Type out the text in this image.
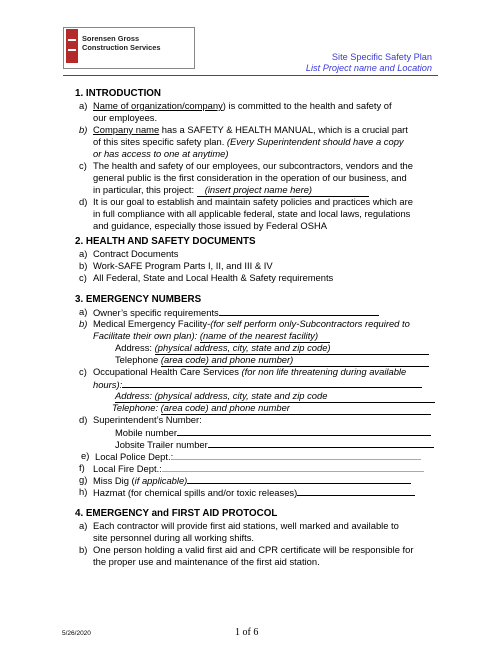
Sorensen Gross
Construction Services
Site Specific Safety Plan
List Project name and Location
1. INTRODUCTION
a) Name of organization/company) is committed to the health and safety of
our employees.
b) Company name has a SAFETY & HEALTH MANUAL, which is a crucial part
of this sites specific safety plan. (Every Superintendent should have a copy
or has access to one at anytime)
c) The health and safety of our employees, our subcontractors, vendors and the
general public is the first consideration in the operation of our business, and
in particular, this project: (insert project name here)
d) It is our goal to establish and maintain safety policies and practices which are
in full compliance with all applicable federal, state and local laws, regulations
and guidance, especially those issued by Federal OSHA
2. HEALTH AND SAFETY DOCUMENTS
a) Contract Documents
b) Work-SAFE Program Parts I, II, and III & IV
c) All Federal, State and Local Health & Safety requirements
3. EMERGENCY NUMBERS
a) Owner’s specific requirements
b) Medical Emergency Facility-(for self perform only-Subcontractors required to
Facilitate their own plan): (name of the nearest facility)
Address: (physical address, city, state and zip code)
Telephone (area code) and phone number)
c) Occupational Health Care Services (for non life threatening during available
hours):
Address: (physical address, city, state and zip code
Telephone: (area code) and phone number
d) Superintendent’s Number:
Mobile number
Jobsite Trailer number
e) Local Police Dept.:
f) Local Fire Dept.:
g) Miss Dig (if applicable)
h) Hazmat (for chemical spills and/or toxic releases)
4. EMERGENCY and FIRST AID PROTOCOL
a) Each contractor will provide first aid stations, well marked and available to
site personnel during all working shifts.
b) One person holding a valid first aid and CPR certificate will be responsible for
the proper use and maintenance of the first aid station.
5/26/2020	1 of 6
